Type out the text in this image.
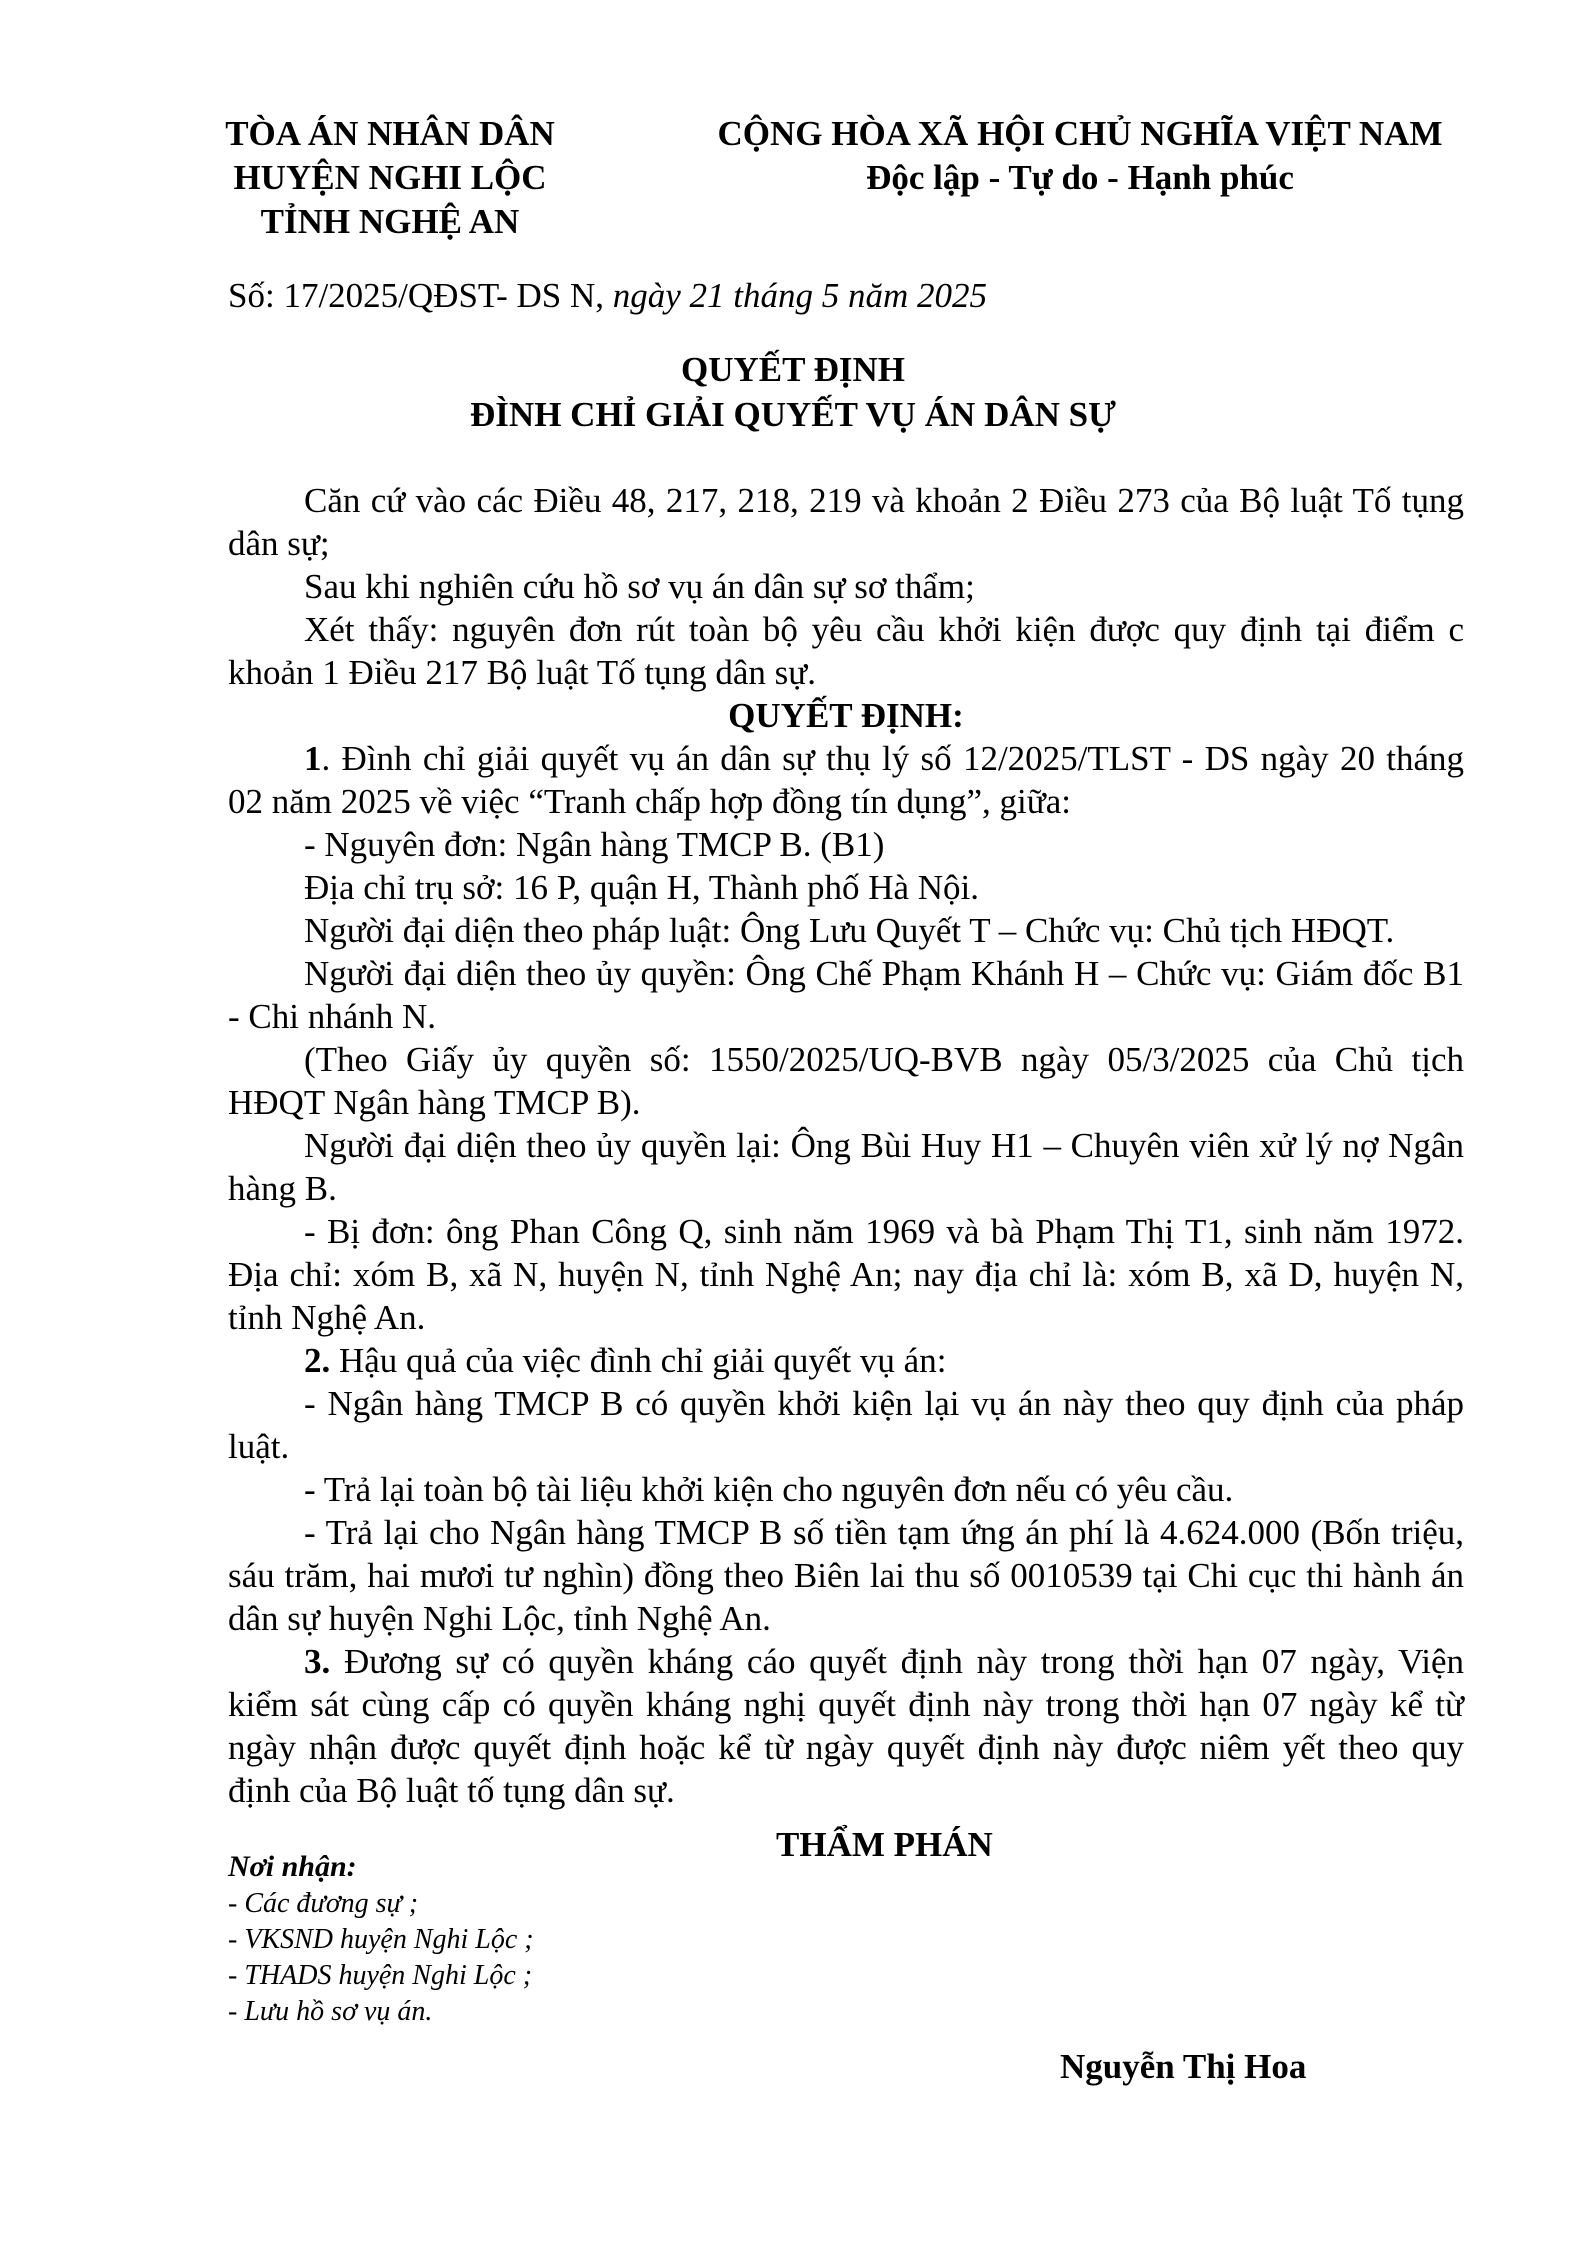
TÒA ÁN NHÂN DÂN
HUYỆN NGHI LỘC
TỈNH NGHỆ AN
CỘNG HÒA XÃ HỘI CHỦ NGHĨA VIỆT NAM
Độc lập - Tự do - Hạnh phúc
Số: 17/2025/QĐST- DS N, ngày 21 tháng 5 năm 2025
QUYẾT ĐỊNH
ĐÌNH CHỈ GIẢI QUYẾT VỤ ÁN DÂN SỰ

Căn cứ vào các Điều 48, 217, 218, 219 và khoản 2 Điều 273 của Bộ luật Tố tụng dân sự;

Sau khi nghiên cứu hồ sơ vụ án dân sự sơ thẩm;

Xét thấy: nguyên đơn rút toàn bộ yêu cầu khởi kiện được quy định tại điểm c khoản 1 Điều 217 Bộ luật Tố tụng dân sự.

QUYẾT ĐỊNH:

1. Đình chỉ giải quyết vụ án dân sự thụ lý số 12/2025/TLST - DS ngày 20 tháng 02 năm 2025 về việc “Tranh chấp hợp đồng tín dụng”, giữa:

- Nguyên đơn: Ngân hàng TMCP B. (B1)

Địa chỉ trụ sở: 16 P, quận H, Thành phố Hà Nội.

Người đại diện theo pháp luật: Ông Lưu Quyết T – Chức vụ: Chủ tịch HĐQT.

Người đại diện theo ủy quyền: Ông Chế Phạm Khánh H – Chức vụ: Giám đốc B1 - Chi nhánh N.

(Theo Giấy ủy quyền số: 1550/2025/UQ-BVB ngày 05/3/2025 của Chủ tịch HĐQT Ngân hàng TMCP B).

Người đại diện theo ủy quyền lại: Ông Bùi Huy H1 – Chuyên viên xử lý nợ Ngân hàng B.

- Bị đơn: ông Phan Công Q, sinh năm 1969 và bà Phạm Thị T1, sinh năm 1972. Địa chỉ: xóm B, xã N, huyện N, tỉnh Nghệ An; nay địa chỉ là: xóm B, xã D, huyện N, tỉnh Nghệ An.

2. Hậu quả của việc đình chỉ giải quyết vụ án:

- Ngân hàng TMCP B có quyền khởi kiện lại vụ án này theo quy định của pháp luật.

- Trả lại toàn bộ tài liệu khởi kiện cho nguyên đơn nếu có yêu cầu.

- Trả lại cho Ngân hàng TMCP B số tiền tạm ứng án phí là 4.624.000 (Bốn triệu, sáu trăm, hai mươi tư nghìn) đồng theo Biên lai thu số 0010539 tại Chi cục thi hành án dân sự huyện Nghi Lộc, tỉnh Nghệ An.

3. Đương sự có quyền kháng cáo quyết định này trong thời hạn 07 ngày, Viện kiểm sát cùng cấp có quyền kháng nghị quyết định này trong thời hạn 07 ngày kể từ ngày nhận được quyết định hoặc kể từ ngày quyết định này được niêm yết theo quy định của Bộ luật tố tụng dân sự.

Nơi nhận:
- Các đương sự ;
- VKSND huyện Nghi Lộc ;
- THADS huyện Nghi Lộc ;
- Lưu hồ sơ vụ án.
THẨM PHÁN
Nguyễn Thị Hoa
